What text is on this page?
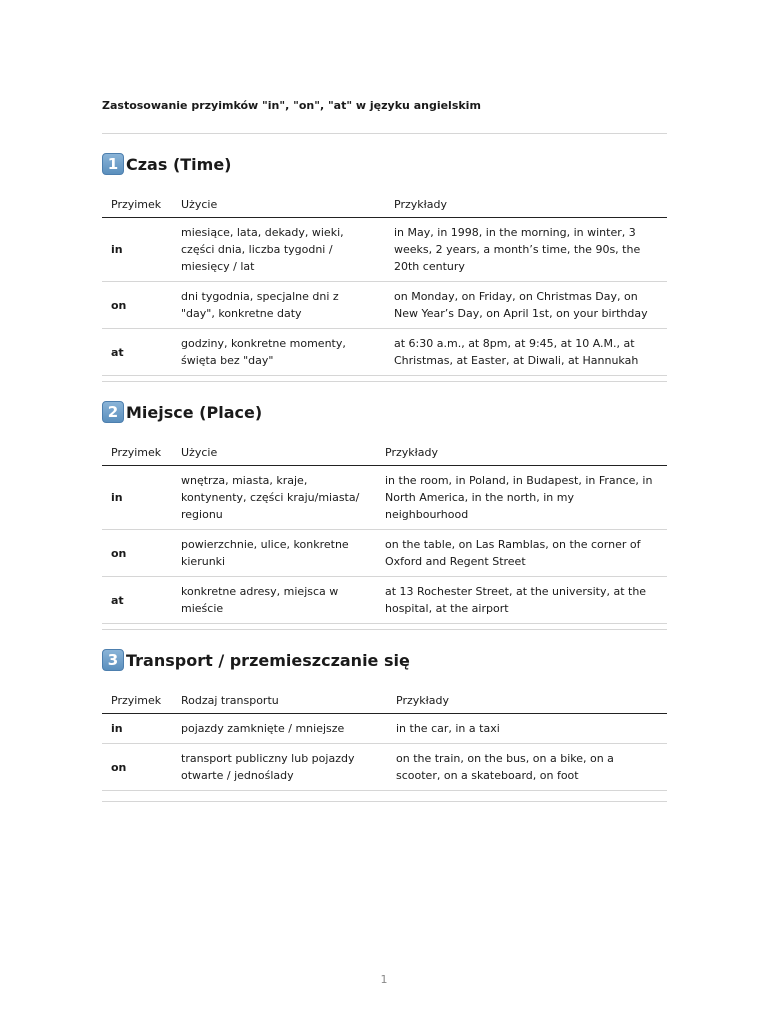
Zastosowanie przyimków "in", "on", "at" w języku angielskim
1 Czas (Time)
Przyimek	Użycie	Przykłady
in	miesiące, lata, dekady, wieki, części dnia, liczba tygodni / miesięcy / lat	in May, in 1998, in the morning, in winter, 3 weeks, 2 years, a month’s time, the 90s, the 20th century
on	dni tygodnia, specjalne dni z "day", konkretne daty	on Monday, on Friday, on Christmas Day, on New Year’s Day, on April 1st, on your birthday
at	godziny, konkretne momenty, święta bez "day"	at 6:30 a.m., at 8pm, at 9:45, at 10 A.M., at Christmas, at Easter, at Diwali, at Hannukah
2 Miejsce (Place)
Przyimek	Użycie	Przykłady
in	wnętrza, miasta, kraje, kontynenty, części kraju/miasta/ regionu	in the room, in Poland, in Budapest, in France, in North America, in the north, in my neighbourhood
on	powierzchnie, ulice, konkretne kierunki	on the table, on Las Ramblas, on the corner of Oxford and Regent Street
at	konkretne adresy, miejsca w mieście	at 13 Rochester Street, at the university, at the hospital, at the airport
3 Transport / przemieszczanie się
Przyimek	Rodzaj transportu	Przykłady
in	pojazdy zamknięte / mniejsze	in the car, in a taxi
on	transport publiczny lub pojazdy otwarte / jednoślady	on the train, on the bus, on a bike, on a scooter, on a skateboard, on foot
1
